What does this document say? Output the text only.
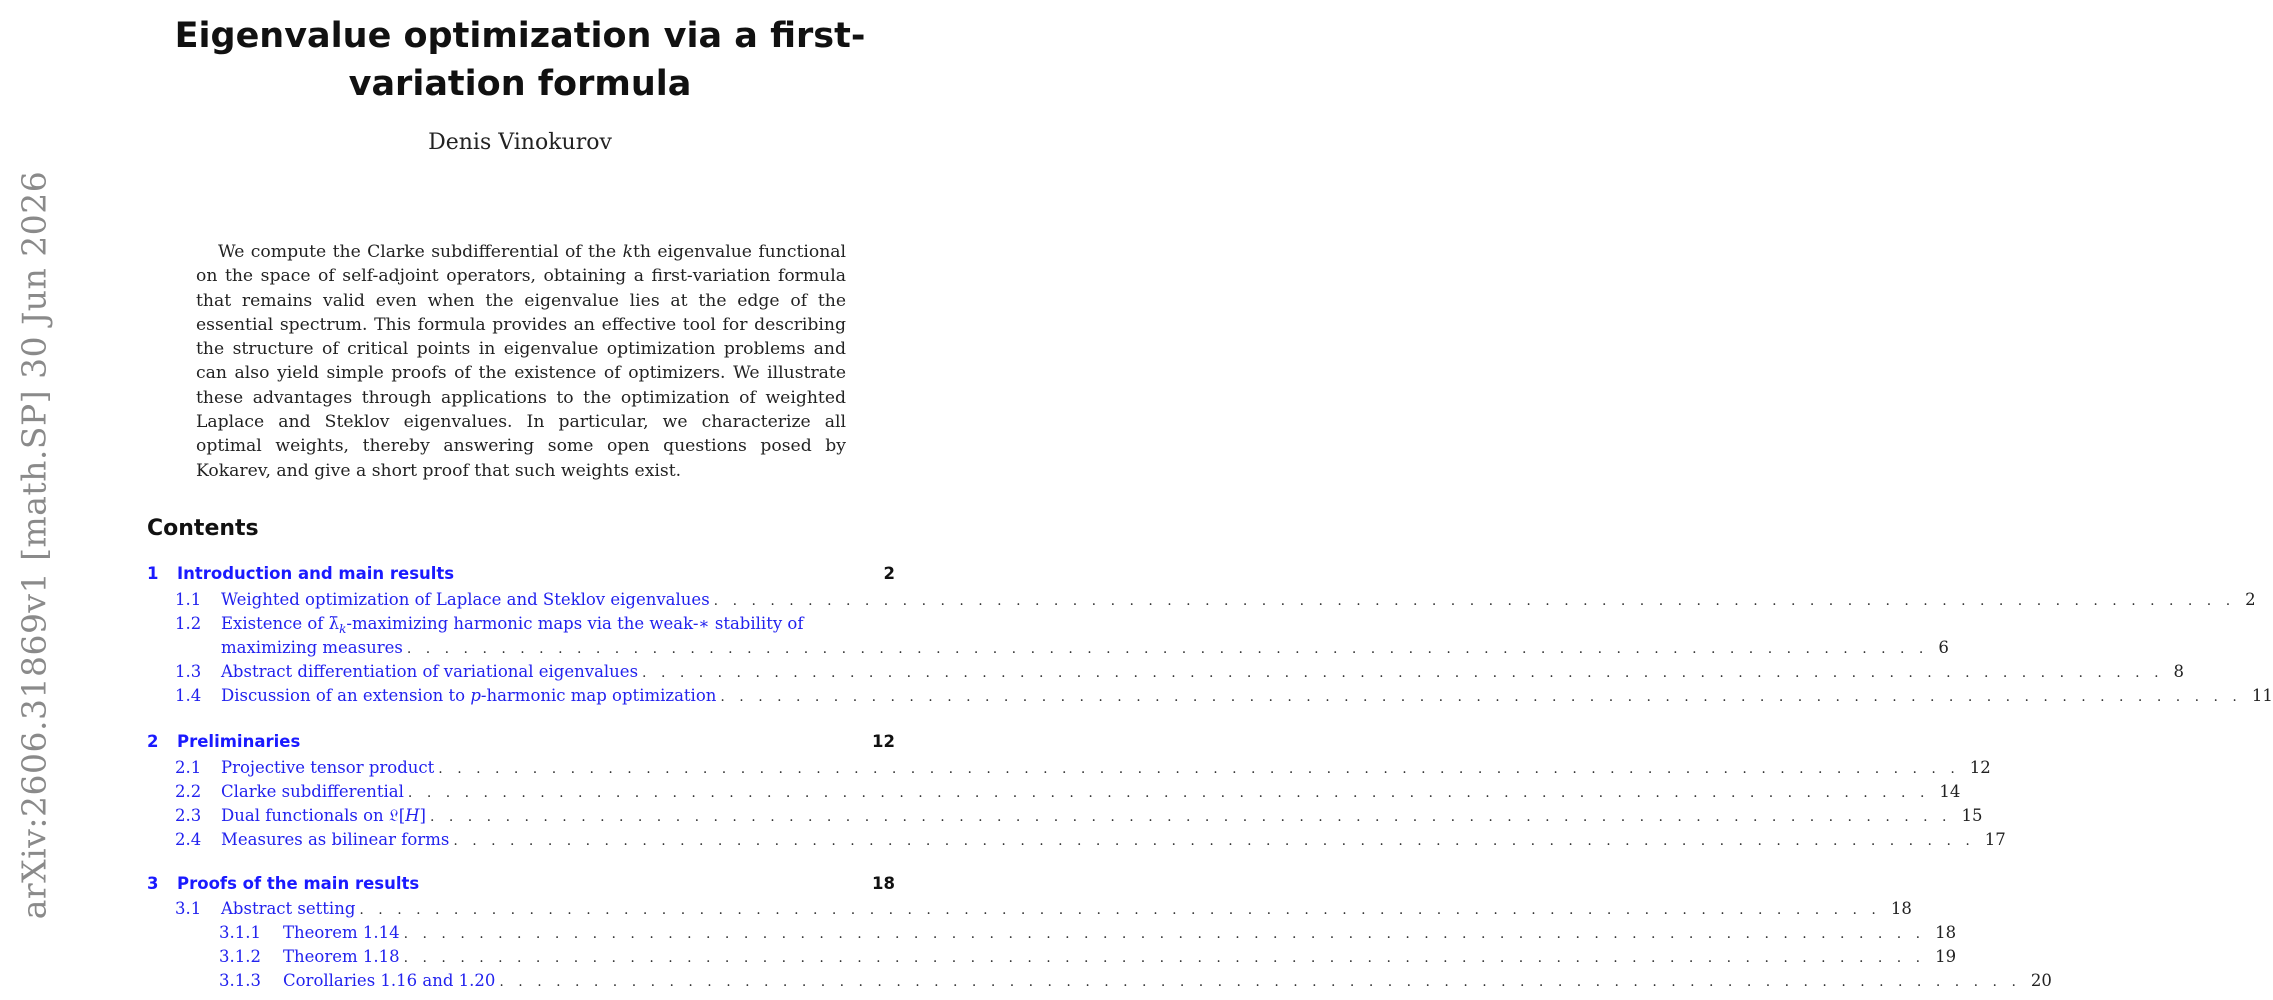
arXiv:2606.31869v1 [math.SP] 30 Jun 2026
Eigenvalue optimization via a first-variation formula
Denis Vinokurov
We compute the Clarke subdifferential of the kth eigenvalue functional on the space of self-adjoint operators, obtaining a first-variation formula that remains valid even when the eigenvalue lies at the edge of the essential spectrum. This formula provides an effective tool for describing the structure of critical points in eigenvalue optimization problems and can also yield simple proofs of the existence of optimizers. We illustrate these advantages through applications to the optimization of weighted Laplace and Steklov eigenvalues. In particular, we characterize all optimal weights, thereby answering some open questions posed by Kokarev, and give a short proof that such weights exist.
Contents
1	Introduction and main results	2
1.1	Weighted optimization of Laplace and Steklov eigenvalues . . .	2
1.2	Existence of $\lambdā_k$-maximizing harmonic maps via the weak-∗ stability of
maximizing measures . . .	6
1.3	Abstract differentiation of variational eigenvalues . . .	8
1.4	Discussion of an extension to p-harmonic map optimization . . .	11
2	Preliminaries	12
2.1	Projective tensor product . . .	12
2.2	Clarke subdifferential . . .	14
2.3	Dual functionals on 𝔏[H] . . .	15
2.4	Measures as bilinear forms . . .	17
3	Proofs of the main results	18
3.1	Abstract setting . . .	18
3.1.1	Theorem 1.14 . . .	18
3.1.2	Theorem 1.18 . . .	19
3.1.3	Corollaries 1.16 and 1.20 . . .	20
